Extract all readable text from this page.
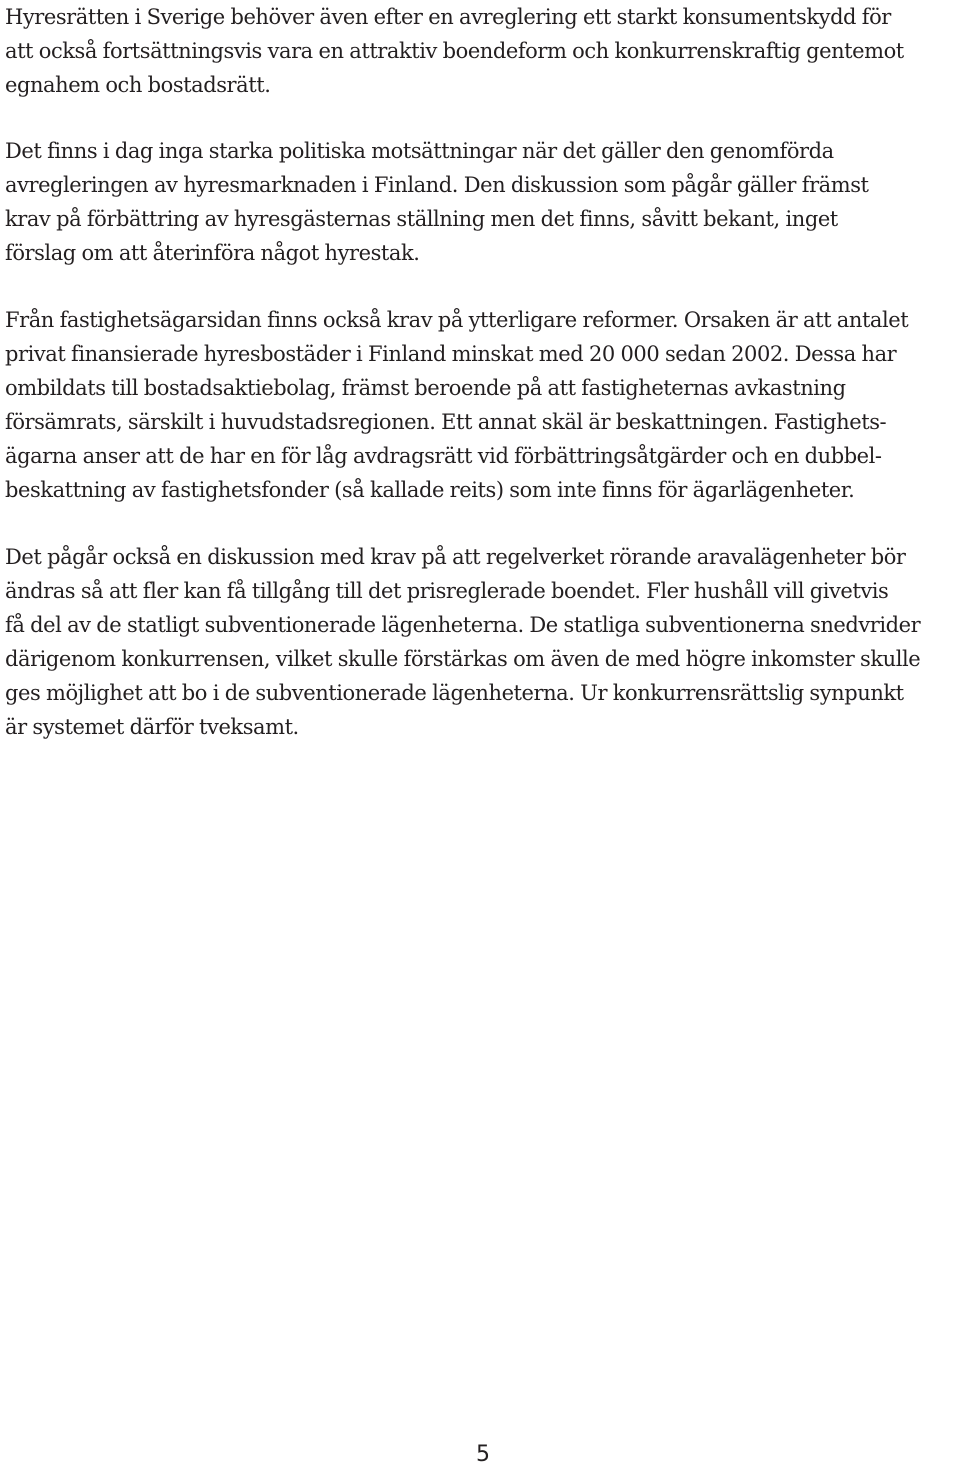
Hyresrätten i Sverige behöver även efter en avreglering ett starkt konsumentskydd för
att också fortsättningsvis vara en attraktiv boendeform och konkurrenskraftig gentemot
egnahem och bostadsrätt.

Det finns i dag inga starka politiska motsättningar när det gäller den genomförda
avregleringen av hyresmarknaden i Finland. Den diskussion som pågår gäller främst
krav på förbättring av hyresgästernas ställning men det finns, såvitt bekant, inget
förslag om att återinföra något hyrestak.

Från fastighetsägarsidan finns också krav på ytterligare reformer. Orsaken är att antalet
privat finansierade hyresbostäder i Finland minskat med 20 000 sedan 2002. Dessa har
ombildats till bostadsaktiebolag, främst beroende på att fastigheternas avkastning
försämrats, särskilt i huvudstadsregionen. Ett annat skäl är beskattningen. Fastighets-
ägarna anser att de har en för låg avdragsrätt vid förbättringsåtgärder och en dubbel-
beskattning av fastighetsfonder (så kallade reits) som inte finns för ägarlägenheter.

Det pågår också en diskussion med krav på att regelverket rörande aravalägenheter bör
ändras så att fler kan få tillgång till det prisreglerade boendet. Fler hushåll vill givetvis
få del av de statligt subventionerade lägenheterna. De statliga subventionerna snedvrider
därigenom konkurrensen, vilket skulle förstärkas om även de med högre inkomster skulle
ges möjlighet att bo i de subventionerade lägenheterna. Ur konkurrensrättslig synpunkt
är systemet därför tveksamt.

5
